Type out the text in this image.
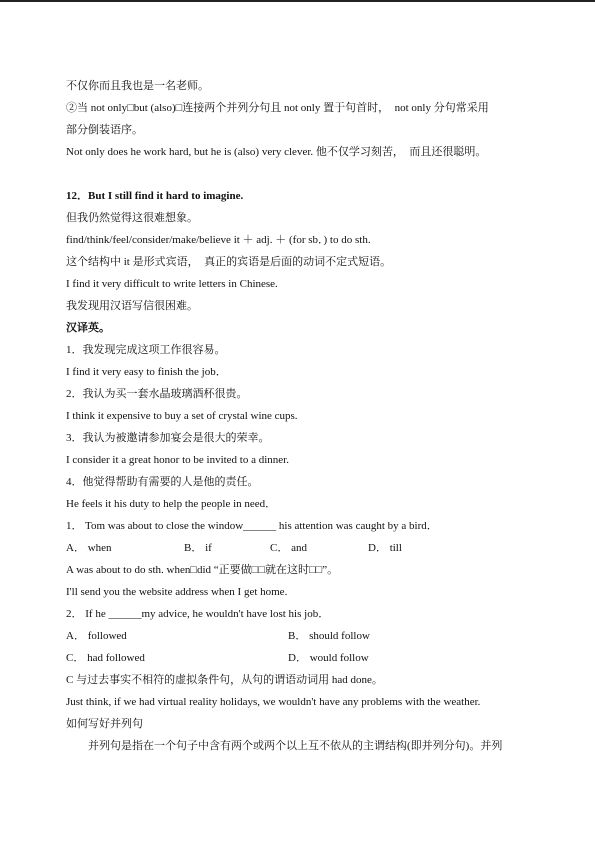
不仅你而且我也是一名老师。
②当 not only□but (also)□连接两个并列分句且 not only 置于句首时，　not only 分句常采用
部分倒装语序。
Not only does he work hard, but he is (also) very clever. 他不仅学习刻苦，　而且还很聪明。
12．But I still find it hard to imagine.
但我仍然觉得这很难想象。
find/think/feel/consider/make/believe it ＋ adj. ＋ (for sb．) to do sth.
这个结构中 it 是形式宾语，　真正的宾语是后面的动词不定式短语。
I find it very difficult to write letters in Chinese.
我发现用汉语写信很困难。
汉译英。
1．我发现完成这项工作很容易。
I find it very easy to finish the job．
2．我认为买一套水晶玻璃酒杯很贵。
I think it expensive to buy a set of crystal wine cups.
3．我认为被邀请参加宴会是很大的荣幸。
I consider it a great honor to be invited to a dinner.
4．他觉得帮助有需要的人是他的责任。
He feels it his duty to help the people in need．
1． Tom was about to close the window______ his attention was caught by a bird．
A． when	B． if	C． and	D． till
A was about to do sth. when□did “正要做□□就在这时□□”。
I'll send you the website address when I get home.
2． If he ______my advice, he wouldn't have lost his job．
A． followed	B． should follow
C． had followed	D． would follow
C 与过去事实不相符的虚拟条件句，从句的谓语动词用 had done。
Just think, if we had virtual reality holidays, we wouldn't have any problems with the weather.
如何写好并列句
并列句是指在一个句子中含有两个或两个以上互不依从的主谓结构(即并列分句)。并列
